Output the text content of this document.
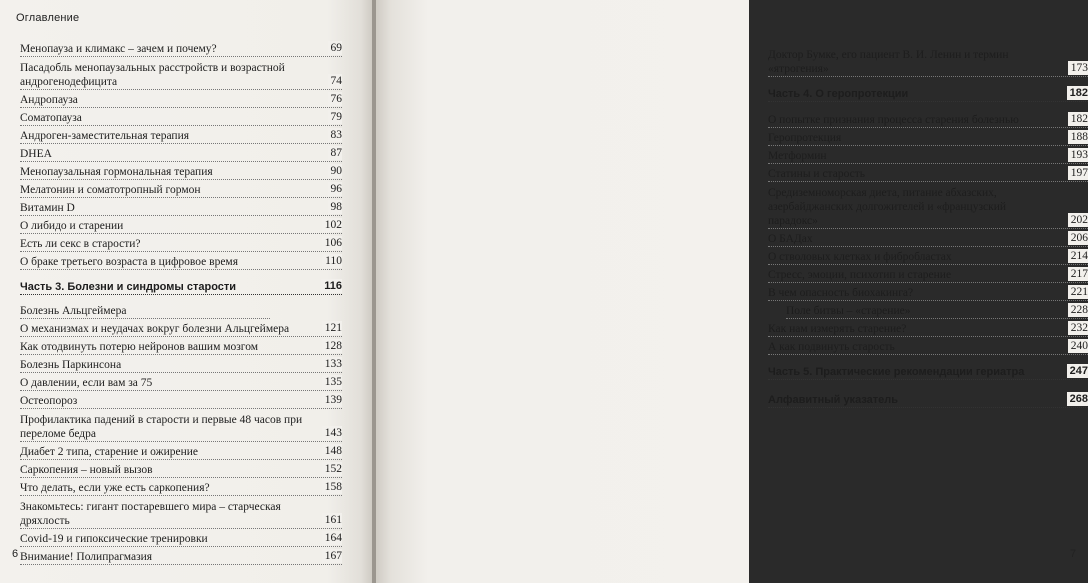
Оглавление
Менопауза и климакс – зачем и почему?	69
Пасадобль менопаузальных расстройств и возрастной андрогенодефицита	74
Андропауза	76
Соматопауза	79
Андроген-заместительная терапия	83
DHEA	87
Менопаузальная гормональная терапия	90
Мелатонин и соматотропный гормон	96
Витамин D	98
О либидо и старении	102
Есть ли секс в старости?	106
О браке третьего возраста в цифровое время	110
Часть 3. Болезни и синдромы старости	116
Болезнь Альцгеймера
О механизмах и неудачах вокруг болезни Альцгеймера	121
Как отодвинуть потерю нейронов вашим мозгом	128
Болезнь Паркинсона	133
О давлении, если вам за 75	135
Остеопороз	139
Профилактика падений в старости и первые 48 часов при переломе бедра	143
Диабет 2 типа, старение и ожирение	148
Саркопения – новый вызов	152
Что делать, если уже есть саркопения?	158
Знакомьтесь: гигант постаревшего мира – старческая дряхлость	161
Covid-19 и гипоксические тренировки	164
Внимание! Полипрагмазия	167
6
Доктор Бумке, его пациент В. И. Ленин и термин «ятрогения»	173
Часть 4. О геропротекции	182
О попытке признания процесса старения болезнью	182
Геропротекция	188
Метформин	193
Статины и старость	197
Средиземноморская диета, питание абхазских, азербайджанских долгожителей и «французский парадокс»	202
О БАДах	206
О стволовых клетках и фибробластах	214
Стресс, эмоции, психотип и старение	217
В чем опасность биохакинга?	221
Поле битвы – «старение»	228
Как нам измерять старение?	232
А как подвинуть старость	240
Часть 5. Практические рекомендации гериатра	247
Алфавитный указатель	268
7
